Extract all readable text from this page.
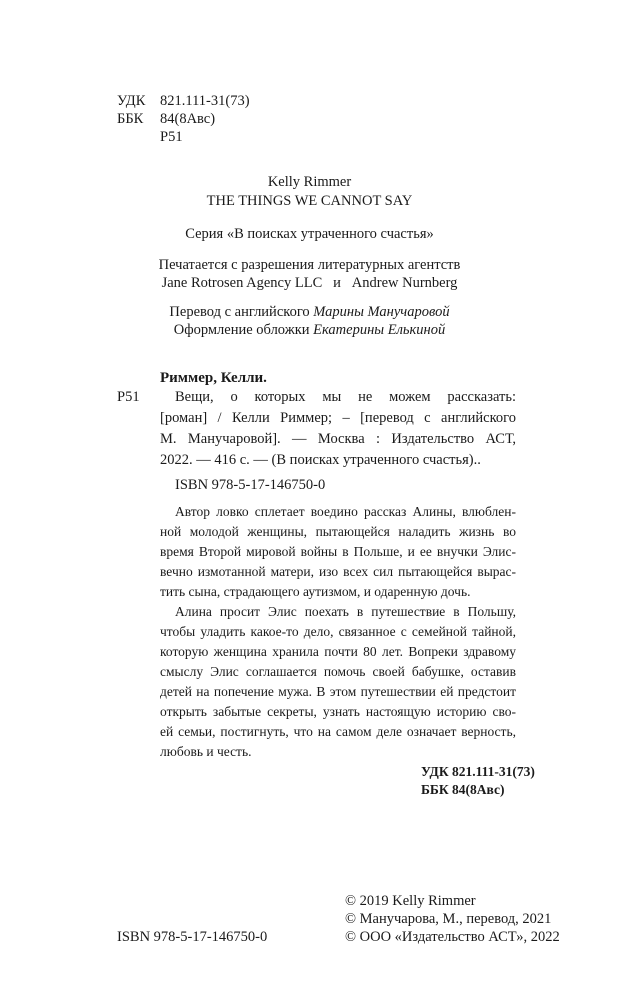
УДК 821.111-31(73)
ББК 84(8Авс)
Р51
Kelly Rimmer
THE THINGS WE CANNOT SAY
Серия «В поисках утраченного счастья»
Печатается с разрешения литературных агентств
Jane Rotrosen Agency LLC   и   Andrew Nurnberg
Перевод с английского Марины Манучаровой
Оформление обложки Екатерины Елькиной
Риммер, Келли.
Р51 Вещи, о которых мы не можем рассказать:
[роман] / Келли Риммер; – [перевод с английского
М. Манучаровой]. — Москва : Издательство АСТ,
2022. — 416 с. — (В поисках утраченного счастья)..
ISBN 978-5-17-146750-0
Автор ловко сплетает воедино рассказ Алины, влюблен-
ной молодой женщины, пытающейся наладить жизнь во
время Второй мировой войны в Польше, и ее внучки Элис-
вечно измотанной матери, изо всех сил пытающейся выраc-
тить сына, страдающего аутизмом, и одаренную дочь.
Алина просит Элис поехать в путешествие в Польшу,
чтобы уладить какое-то дело, связанное с семейной тайной,
которую женщина хранила почти 80 лет. Вопреки здравому
смыслу Элис соглашается помочь своей бабушке, оставив
детей на попечение мужа. В этом путешествии ей предстоит
открыть забытые секреты, узнать настоящую историю сво-
ей семьи, постигнуть, что на самом деле означает верность,
любовь и честь.
УДК 821.111-31(73)
ББК 84(8Авс)
ISBN 978-5-17-146750-0
© 2019 Kelly Rimmer
© Манучарова, М., перевод, 2021
© ООО «Издательство АСТ», 2022
